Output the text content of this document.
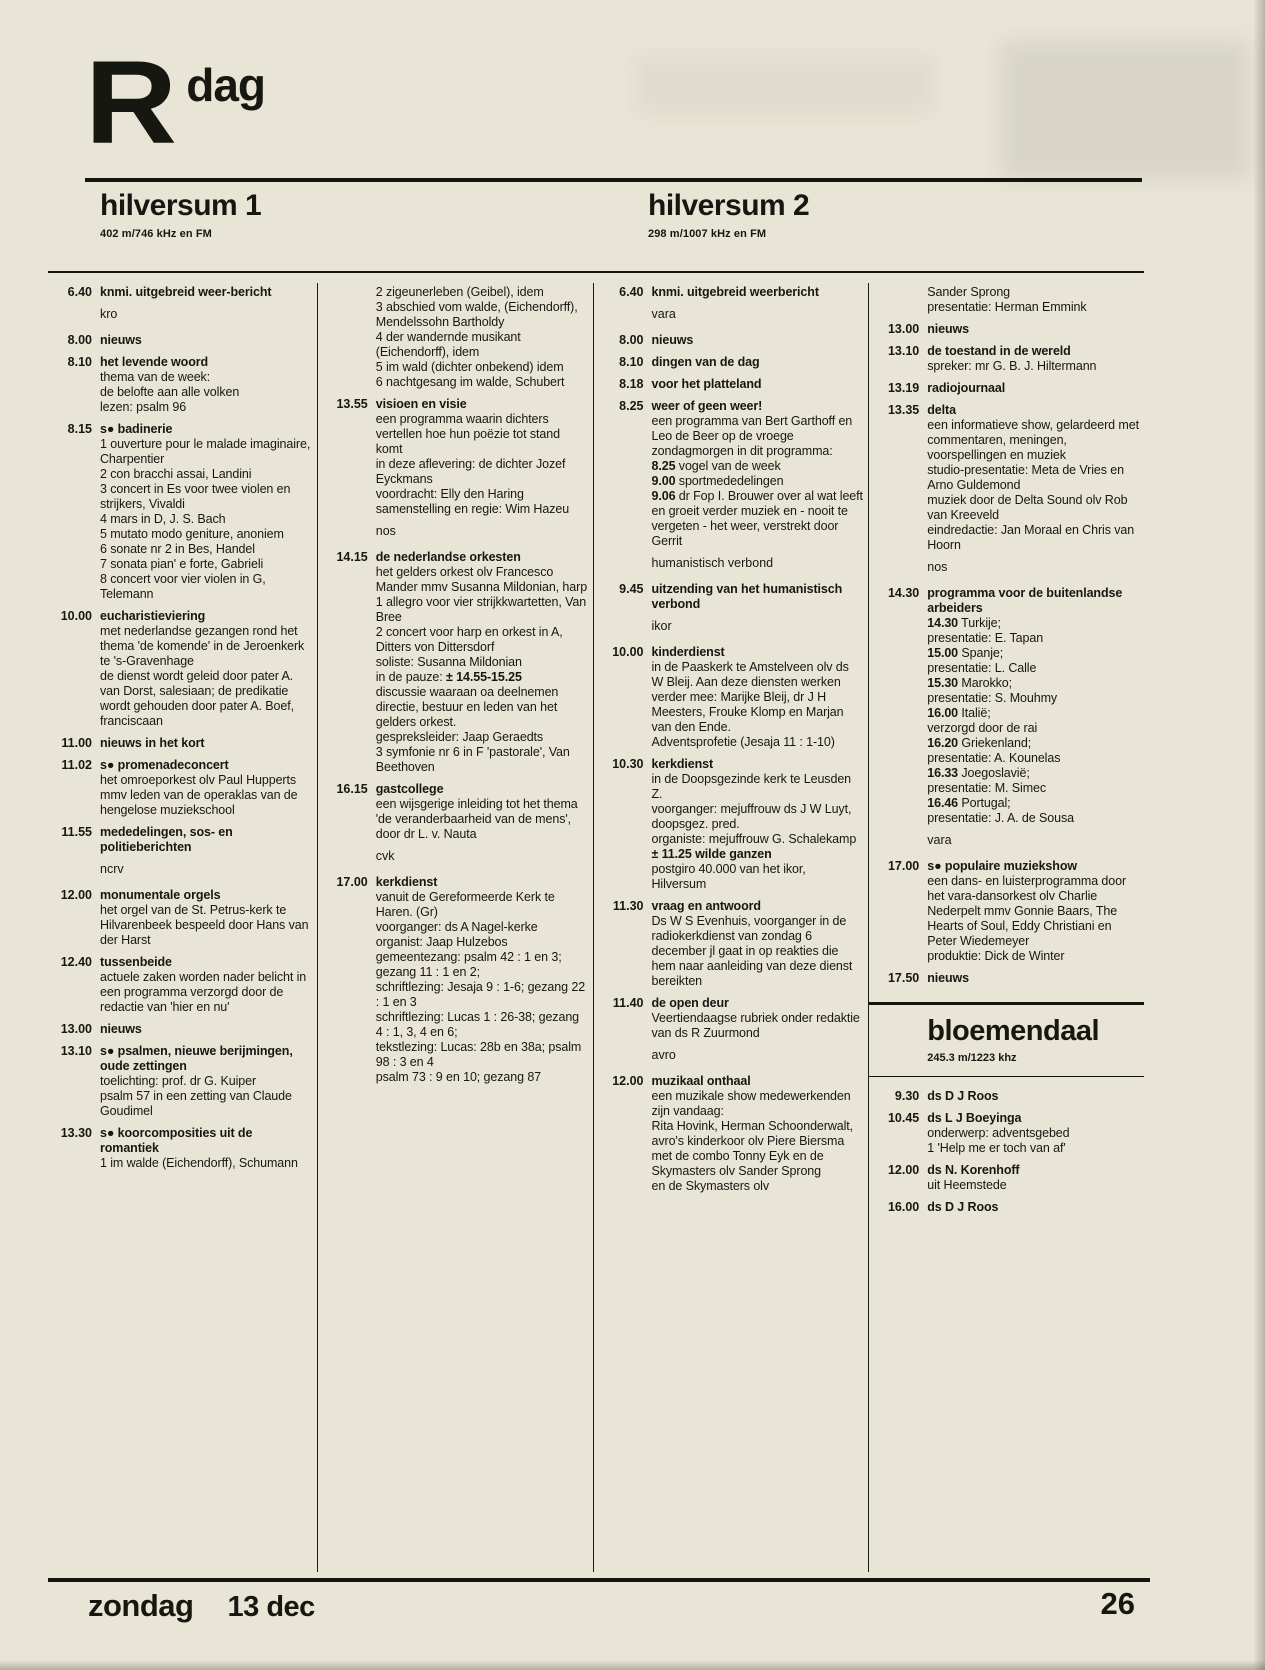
R dag
hilversum 1
402 m/746 kHz en FM
hilversum 2
298 m/1007 kHz en FM
6.40 knmi. uitgebreid weer-bericht
kro
8.00 nieuws
8.10 het levende woord
thema van de week:
de belofte aan alle volken
lezen: psalm 96
8.15 s● badinerie
1 ouverture pour le malade imaginaire, Charpentier
2 con bracchi assai, Landini
3 concert in Es voor twee violen en strijkers, Vivaldi
4 mars in D, J. S. Bach
5 mutato modo geniture, anoniem
6 sonate nr 2 in Bes, Handel
7 sonata pian' e forte, Gabrieli
8 concert voor vier violen in G, Telemann
10.00 eucharistieviering
met nederlandse gezangen rond het thema 'de komende' in de Jeroenkerk te 's-Gravenhage
de dienst wordt geleid door pater A. van Dorst, salesiaan; de predikatie wordt gehouden door pater A. Boef, franciscaan
11.00 nieuws in het kort
11.02 s● promenadeconcert
het omroeporkest olv Paul Hupperts mmv leden van de operaklas van de hengelose muziekschool
11.55 mededelingen, sos- en politieberichten
ncrv
12.00 monumentale orgels
het orgel van de St. Petrus-kerk te Hilvarenbeek bespeeld door Hans van der Harst
12.40 tussenbeide
actuele zaken worden nader belicht in een programma verzorgd door de redactie van 'hier en nu'
13.00 nieuws
13.10 s● psalmen, nieuwe berijmingen, oude zettingen
toelichting: prof. dr G. Kuiper
psalm 57 in een zetting van Claude Goudimel
13.30 s● koorcomposities uit de romantiek
1 im walde (Eichendorff), Schumann
2 zigeunerleben (Geibel), idem
3 abschied vom walde, (Eichendorff), Mendelssohn Bartholdy
4 der wandernde musikant (Eichendorff), idem
5 im wald (dichter onbekend) idem
6 nachtgesang im walde, Schubert
13.55 visioen en visie
een programma waarin dichters vertellen hoe hun poëzie tot stand komt
in deze aflevering: de dichter Jozef Eyckmans
voordracht: Elly den Haring
samenstelling en regie: Wim Hazeu
nos
14.15 de nederlandse orkesten
het gelders orkest olv Francesco Mander mmv Susanna Mildonian, harp
1 allegro voor vier strijkkwartetten, Van Bree
2 concert voor harp en orkest in A, Ditters von Dittersdorf
soliste: Susanna Mildonian
in de pauze: ± 14.55-15.25
discussie waaraan oa deelnemen directie, bestuur en leden van het gelders orkest.
gespreksleider: Jaap Geraedts
3 symfonie nr 6 in F 'pastorale', Van Beethoven
16.15 gastcollege
een wijsgerige inleiding tot het thema 'de veranderbaarheid van de mens', door dr L. v. Nauta
cvk
17.00 kerkdienst
vanuit de Gereformeerde Kerk te Haren. (Gr)
voorganger: ds A Nagel-kerke
organist: Jaap Hulzebos
gemeentezang: psalm 42 : 1 en 3; gezang 11 : 1 en 2;
schriftlezing: Jesaja 9 : 1-6; gezang 22 : 1 en 3
schriftlezing: Lucas 1 : 26-38; gezang 4 : 1, 3, 4 en 6;
tekstlezing: Lucas: 28b en 38a; psalm 98 : 3 en 4
psalm 73 : 9 en 10; gezang 87
6.40 knmi. uitgebreid weerbericht
vara
8.00 nieuws
8.10 dingen van de dag
8.18 voor het platteland
8.25 weer of geen weer!
een programma van Bert Garthoff en Leo de Beer op de vroege zondagmorgen in dit programma:
8.25 vogel van de week
9.00 sportmededelingen
9.06 dr Fop I. Brouwer over al wat leeft en groeit verder muziek en - nooit te vergeten - het weer, verstrekt door Gerrit
humanistisch verbond
9.45 uitzending van het humanistisch verbond
ikor
10.00 kinderdienst
in de Paaskerk te Amstelveen olv ds W Bleij. Aan deze diensten werken verder mee: Marijke Bleij, dr J H Meesters, Frouke Klomp en Marjan van den Ende.
Adventsprofetie (Jesaja 11 : 1-10)
10.30 kerkdienst
in de Doopsgezinde kerk te Leusden Z.
voorganger: mejuffrouw ds J W Luyt, doopsgez. pred.
organiste: mejuffrouw G. Schalekamp
± 11.25 wilde ganzen
postgiro 40.000 van het ikor, Hilversum
11.30 vraag en antwoord
Ds W S Evenhuis, voorganger in de radiokerkdienst van zondag 6 december jl gaat in op reakties die hem naar aanleiding van deze dienst bereikten
11.40 de open deur
Veertiendaagse rubriek onder redaktie van ds R Zuurmond
avro
12.00 muzikaal onthaal
een muzikale show medewerkenden zijn vandaag:
Rita Hovink, Herman Schoonderwalt, avro's kinderkoor olv Piere Biersma met de combo Tonny Eyk en de Skymasters olv Sander Sprong
en de Skymasters olv
Sander Sprong
presentatie: Herman Emmink
13.00 nieuws
13.10 de toestand in de wereld
spreker: mr G. B. J. Hiltermann
13.19 radiojournaal
13.35 delta
een informatieve show, gelardeerd met commentaren, meningen, voorspellingen en muziek
studio-presentatie: Meta de Vries en Arno Guldemond
muziek door de Delta Sound olv Rob van Kreeveld
eindredactie: Jan Moraal en Chris van Hoorn
nos
14.30 programma voor de buitenlandse arbeiders
14.30 Turkije;
presentatie: E. Tapan
15.00 Spanje;
presentatie: L. Calle
15.30 Marokko;
presentatie: S. Mouhmy
16.00 Italië;
verzorgd door de rai
16.20 Griekenland;
presentatie: A. Kounelas
16.33 Joegoslavië;
presentatie: M. Simec
16.46 Portugal;
presentatie: J. A. de Sousa
vara
17.00 s● populaire muziekshow
een dans- en luisterprogramma door het vara-dansorkest olv Charlie Nederpelt mmv Gonnie Baars, The Hearts of Soul, Eddy Christiani en Peter Wiedemeyer
produktie: Dick de Winter
17.50 nieuws
bloemendaal
245.3 m/1223 khz
9.30 ds D J Roos
10.45 ds L J Boeyinga
onderwerp: adventsgebed
1 'Help me er toch van af'
12.00 ds N. Korenhoff
uit Heemstede
16.00 ds D J Roos
zondag 13 dec	26
